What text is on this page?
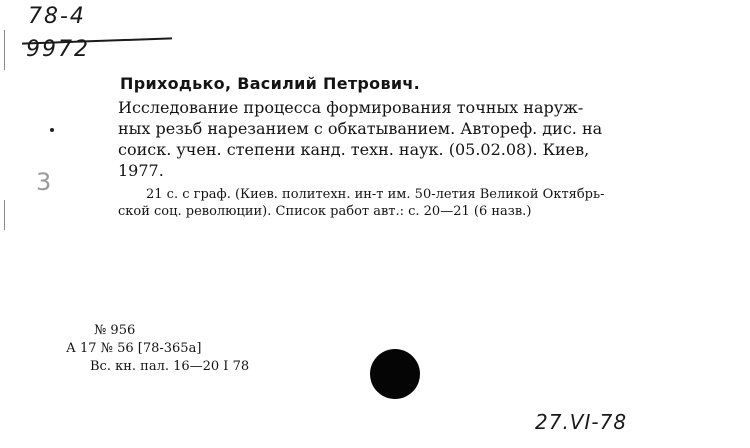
78-4
9972
3
Приходько, Василий Петрович.
Исследование процесса формирования точных наруж-
ных резьб нарезанием с обкатыванием. Автореф. дис. на
соиск. учен. степени канд. техн. наук. (05.02.08). Киев,
1977.
21 с. с граф. (Киев. политехн. ин-т им. 50-летия Великой Октябрь-
ской соц. революции). Список работ авт.: с. 20—21 (6 назв.)
№ 956
А 17 № 56 [78-365а]
Вс. кн. пал. 16—20 I 78
27.VI-78
